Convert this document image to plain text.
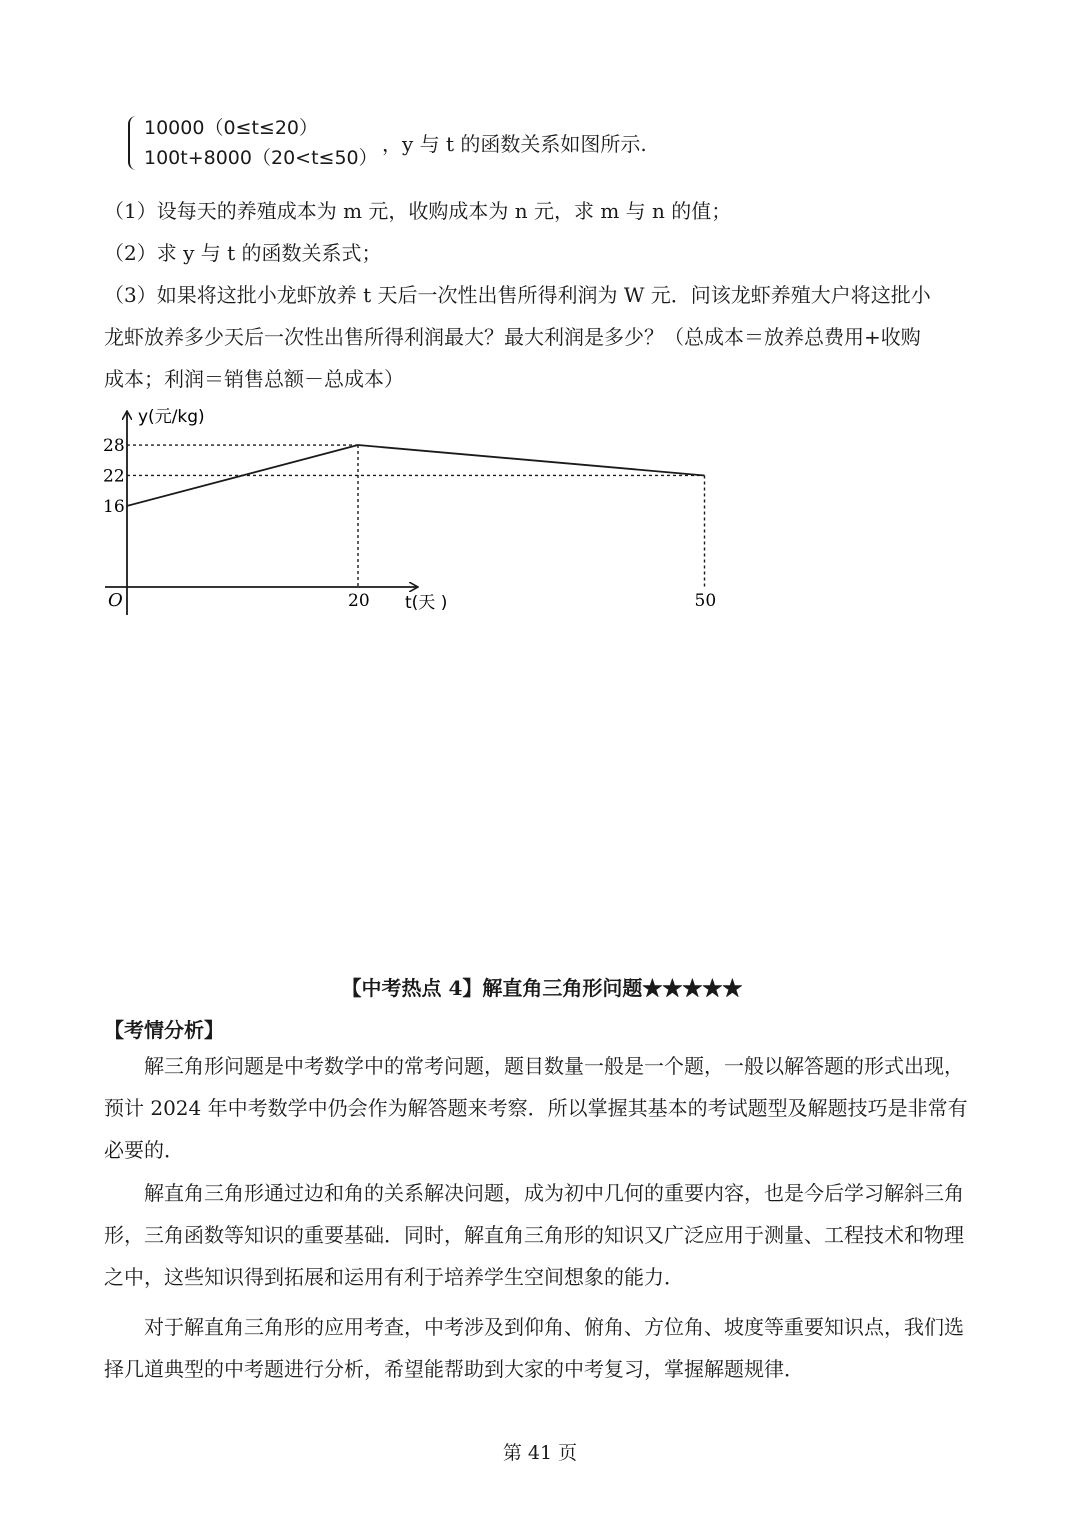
10000（0≤t≤20）
100t+8000（20<t≤50）
，y 与 t 的函数关系如图所示.
（1）设每天的养殖成本为 m 元，收购成本为 n 元，求 m 与 n 的值；
（2）求 y 与 t 的函数关系式；
（3）如果将这批小龙虾放养 t 天后一次性出售所得利润为 W 元．问该龙虾养殖大户将这批小
龙虾放养多少天后一次性出售所得利润最大？最大利润是多少？（总成本＝放养总费用+收购
成本；利润＝销售总额－总成本）
16
22
28
20	50
y(元/kg)
t(天 )
O
【中考热点 4】解直角三角形问题★★★★★
【考情分析】
解三角形问题是中考数学中的常考问题，题目数量一般是一个题，一般以解答题的形式出现，预计 2024 年中考数学中仍会作为解答题来考察．所以掌握其基本的考试题型及解题技巧是非常有必要的．
解直角三角形通过边和角的关系解决问题，成为初中几何的重要内容，也是今后学习解斜三角形，三角函数等知识的重要基础．同时，解直角三角形的知识又广泛应用于测量、工程技术和物理之中，这些知识得到拓展和运用有利于培养学生空间想象的能力．
对于解直角三角形的应用考查，中考涉及到仰角、俯角、方位角、坡度等重要知识点，我们选择几道典型的中考题进行分析，希望能帮助到大家的中考复习，掌握解题规律．
第 41 页
